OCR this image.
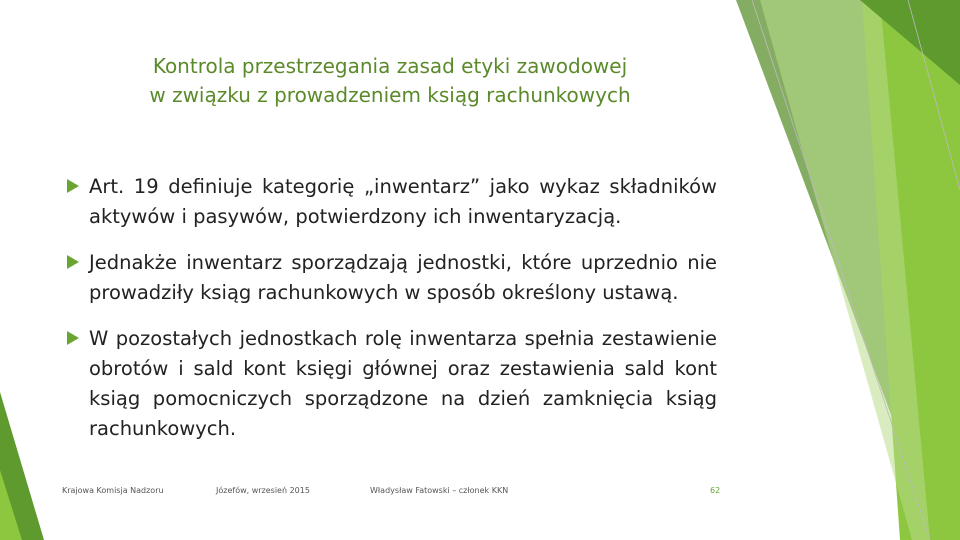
Kontrola przestrzegania zasad etyki zawodowej
w związku z prowadzeniem ksiąg rachunkowych
Art. 19 definiuje kategorię „inwentarz” jako wykaz składników aktywów i pasywów, potwierdzony ich inwentaryzacją.
Jednakże inwentarz sporządzają jednostki, które uprzednio nie prowadziły ksiąg rachunkowych w sposób określony ustawą.
W pozostałych jednostkach rolę inwentarza spełnia zestawienie obrotów i sald kont księgi głównej oraz zestawienia sald kont ksiąg pomocniczych sporządzone na dzień zamknięcia ksiąg rachunkowych.
Krajowa Komisja Nadzoru	Józefów, wrzesień 2015	Władysław Fatowski – członek KKN	62
